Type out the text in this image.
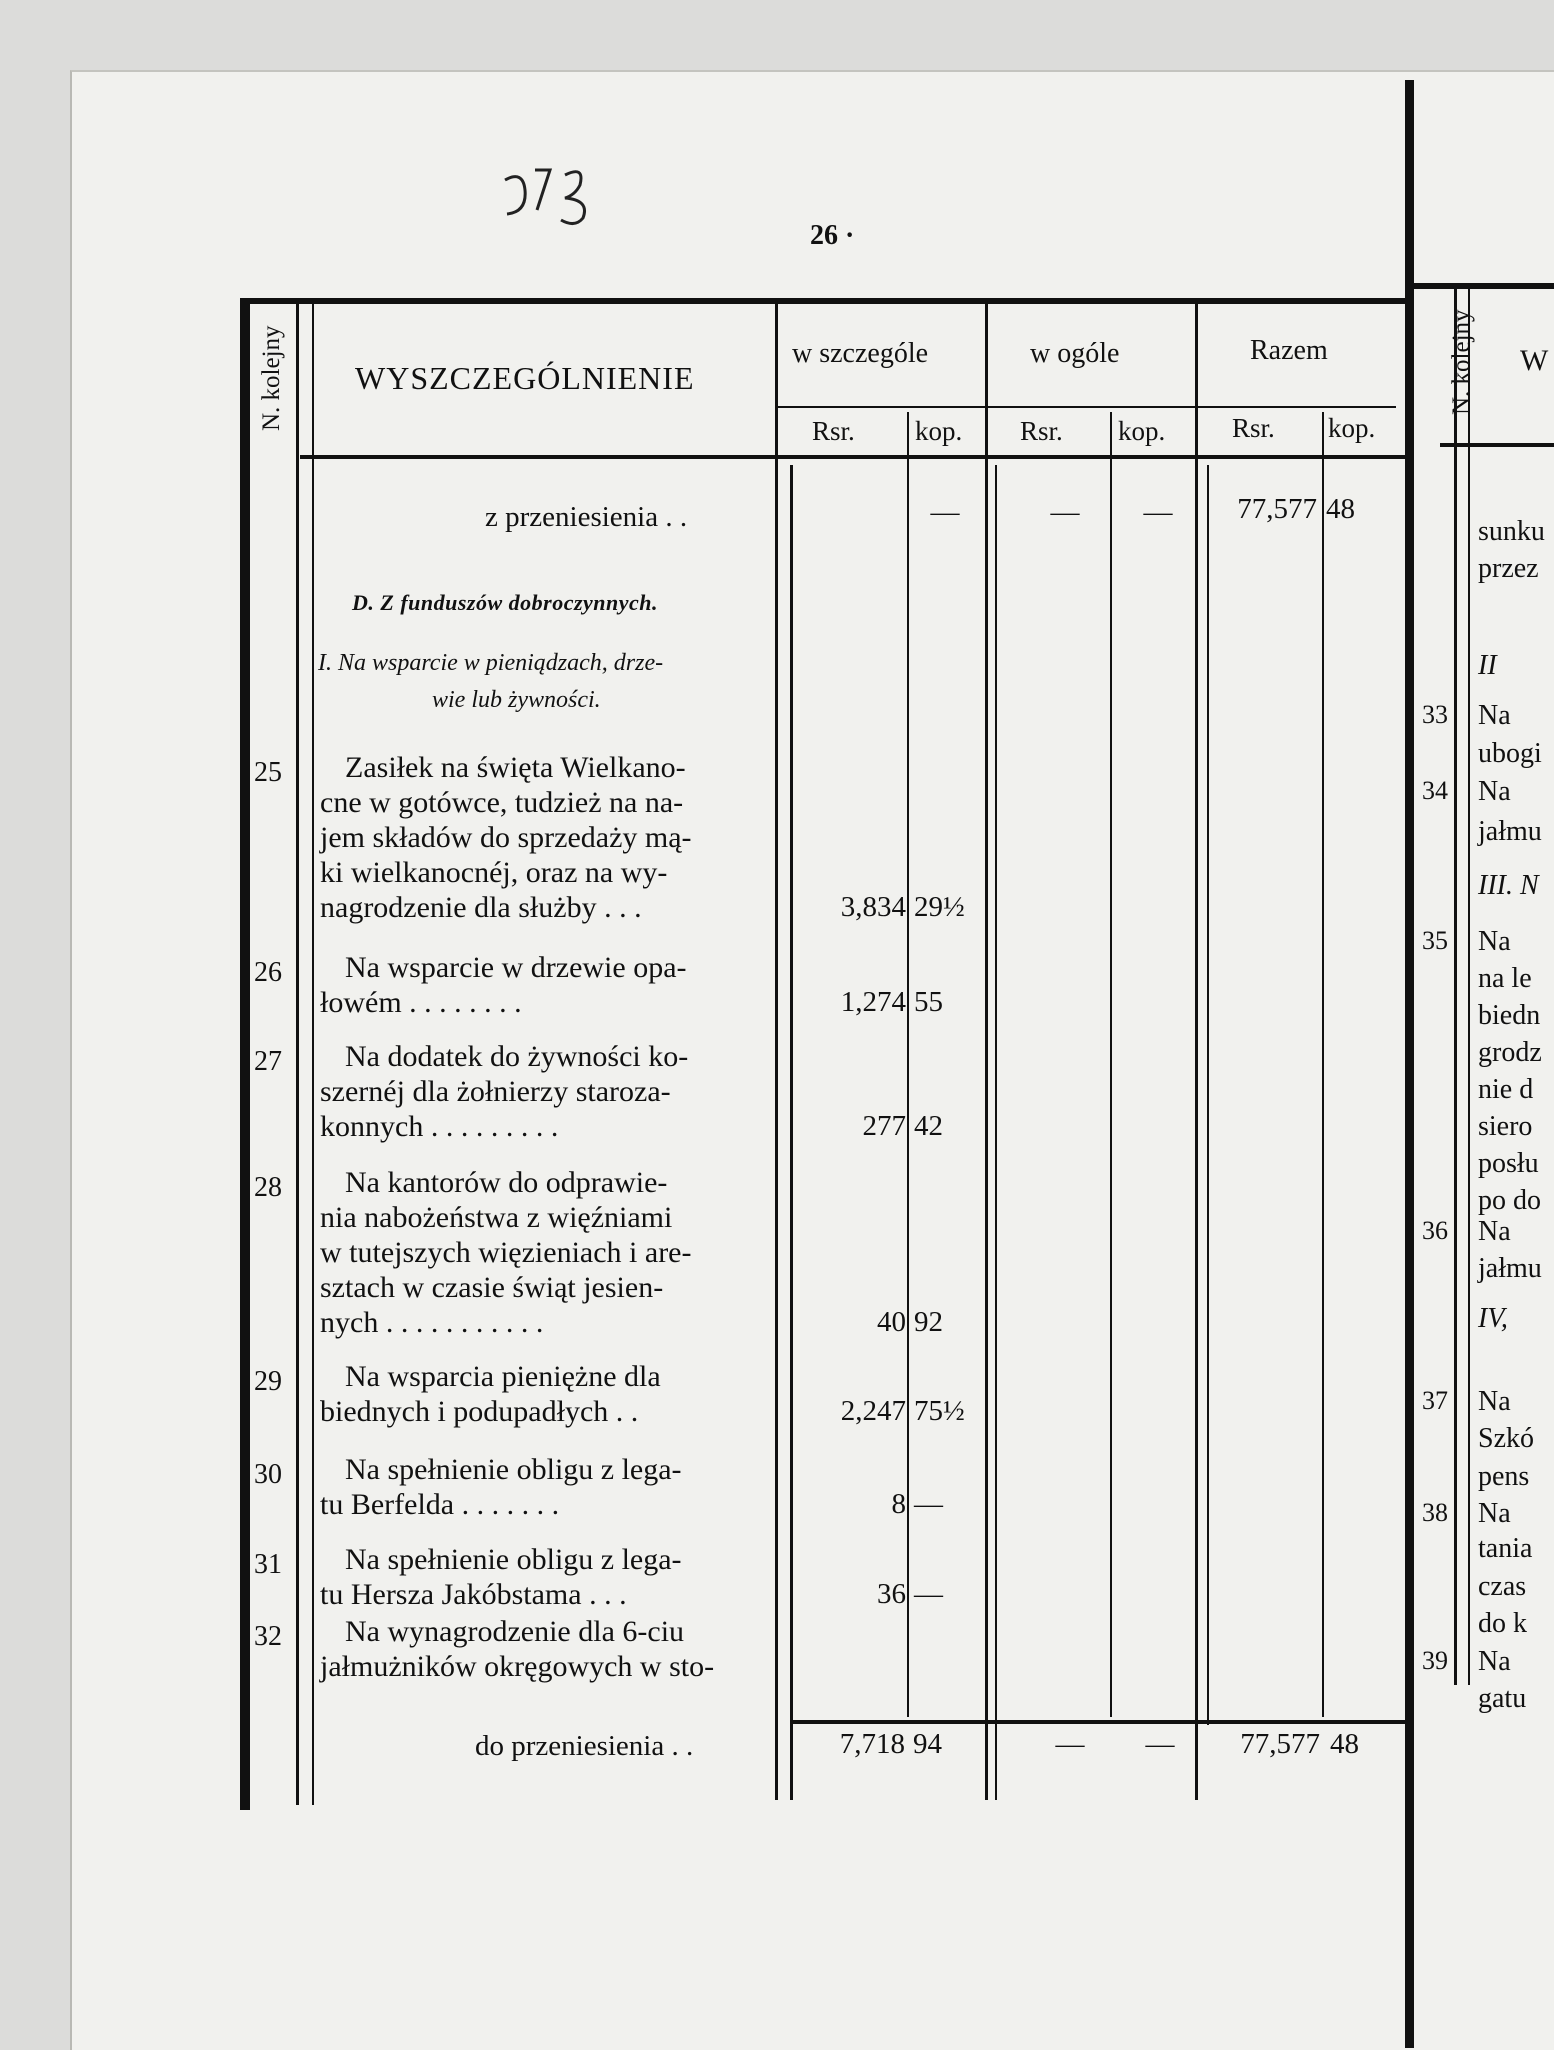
26 ·
N. kolejny WYSZCZEGÓLNIENIE
w szczególe	w ogóle	Razem
Rsr. kop. Rsr. kop. Rsr. kop.
z przeniesienia . .	—	—	—	77,577 48
D. Z funduszów dobroczynnych.
I. Na wsparcie w pieniądzach, drze-
wie lub żywności.
25 Zasiłek na święta Wielkano-
cne w gotówce, tudzież na na-
jem składów do sprzedaży mą-
ki wielkanocnéj, oraz na wy-
nagrodzenie dla służby . . .	3,834 29½
26 Na wsparcie w drzewie opa-
łowém . . . . . . . .	1,274 55
27 Na dodatek do żywności ko-
szernéj dla żołnierzy staroza-
konnych . . . . . . . . .	277 42
28 Na kantorów do odprawie-
nia nabożeństwa z więźniami
w tutejszych więzieniach i are-
sztach w czasie świąt jesien-
nych . . . . . . . . . . .	40 92
29 Na wsparcia pieniężne dla
biednych i podupadłych . .	2,247 75½
30 Na spełnienie obligu z lega-
tu Berfelda . . . . . . .	8 —
31 Na spełnienie obligu z lega-
tu Hersza Jakóbstama . . .	36 —
32 Na wynagrodzenie dla 6-ciu
jałmużników okręgowych w sto-
do przeniesienia . .	7,718 94	—	—	77,577 48
N. kolejny W
sunku
przez
II
33 Na
ubogi
34 Na
jałmu
III. N
35 Na
na le
biedn
grodz
nie d
siero
posłu
po do
36 Na
jałmu
IV,
37 Na
Szkó
pens
38 Na
tania
czas
do k
39 Na
gatu
